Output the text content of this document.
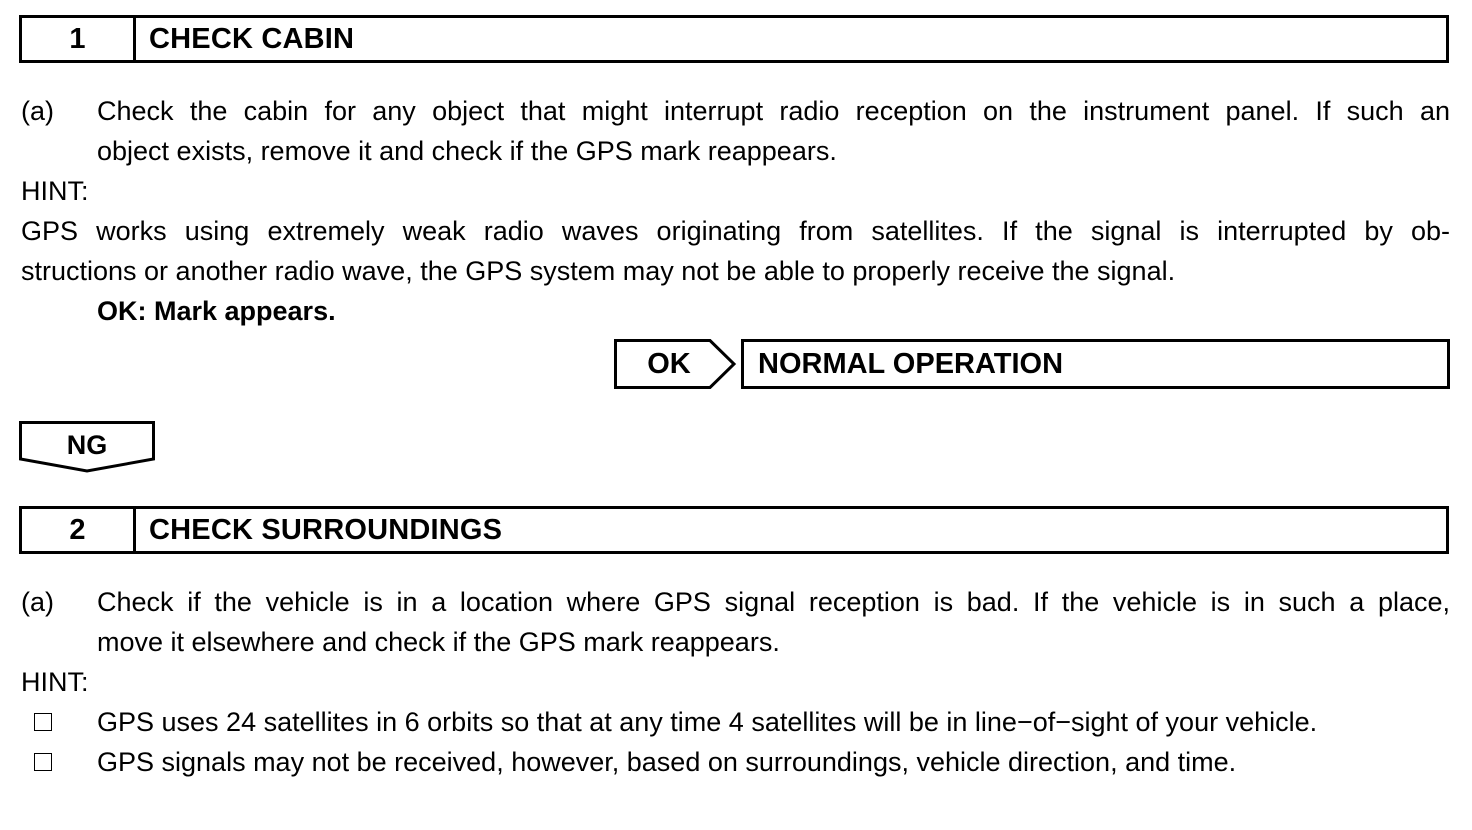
1	CHECK CABIN
(a) Check the cabin for any object that might interrupt radio reception on the instrument panel. If such an
object exists, remove it and check if the GPS mark reappears.
HINT:
GPS works using extremely weak radio waves originating from satellites. If the signal is interrupted by ob-
structions or another radio wave, the GPS system may not be able to properly receive the signal.
OK: Mark appears.
OK	NORMAL OPERATION
NG
2	CHECK SURROUNDINGS
(a) Check if the vehicle is in a location where GPS signal reception is bad. If the vehicle is in such a place,
move it elsewhere and check if the GPS mark reappears.
HINT:
GPS uses 24 satellites in 6 orbits so that at any time 4 satellites will be in line−of−sight of your vehicle.
GPS signals may not be received, however, based on surroundings, vehicle direction, and time.
